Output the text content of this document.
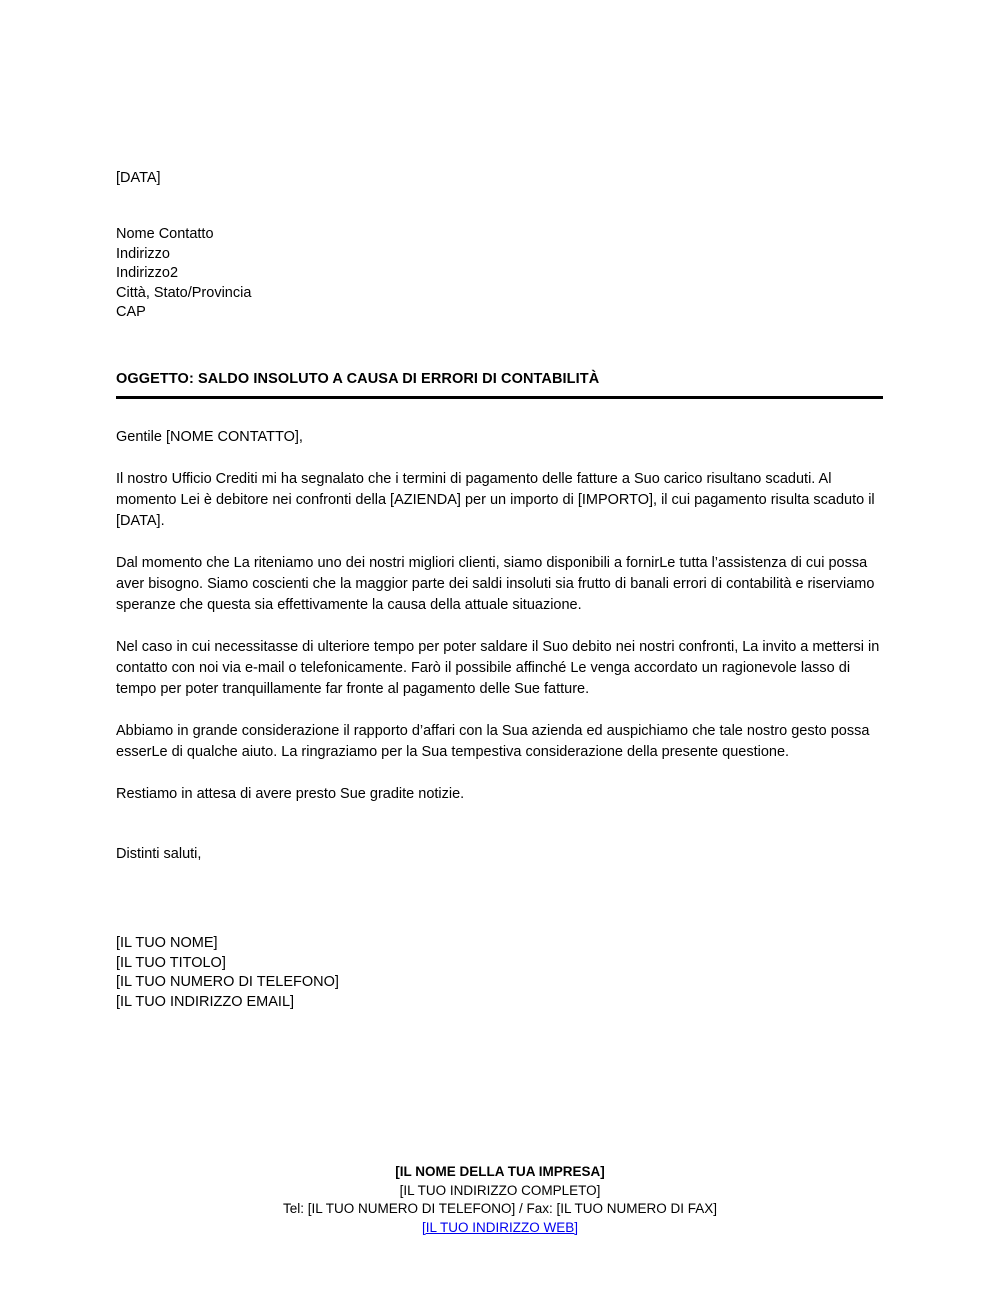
[DATA]
Nome Contatto
Indirizzo
Indirizzo2
Città, Stato/Provincia
CAP
OGGETTO: SALDO INSOLUTO A CAUSA DI ERRORI DI CONTABILITÀ

Gentile [NOME CONTATTO],

Il nostro Ufficio Crediti mi ha segnalato che i termini di pagamento delle fatture a Suo carico risultano scaduti. Al momento Lei è debitore nei confronti della [AZIENDA] per un importo di [IMPORTO], il cui pagamento risulta scaduto il [DATA].

Dal momento che La riteniamo uno dei nostri migliori clienti, siamo disponibili a fornirLe tutta l’assistenza di cui possa aver bisogno. Siamo coscienti che la maggior parte dei saldi insoluti sia frutto di banali errori di contabilità e riserviamo speranze che questa sia effettivamente la causa della attuale situazione.

Nel caso in cui necessitasse di ulteriore tempo per poter saldare il Suo debito nei nostri confronti, La invito a mettersi in contatto con noi via e-mail o telefonicamente. Farò il possibile affinché Le venga accordato un ragionevole lasso di tempo per poter tranquillamente far fronte al pagamento delle Sue fatture.

Abbiamo in grande considerazione il rapporto d’affari con la Sua azienda ed auspichiamo che tale nostro gesto possa esserLe di qualche aiuto. La ringraziamo per la Sua tempestiva considerazione della presente questione.

Restiamo in attesa di avere presto Sue gradite notizie.

Distinti saluti,
[IL TUO NOME]
[IL TUO TITOLO]
[IL TUO NUMERO DI TELEFONO]
[IL TUO INDIRIZZO EMAIL]
[IL NOME DELLA TUA IMPRESA]
[IL TUO INDIRIZZO COMPLETO]
Tel: [IL TUO NUMERO DI TELEFONO] / Fax: [IL TUO NUMERO DI FAX]
[IL TUO INDIRIZZO WEB]
